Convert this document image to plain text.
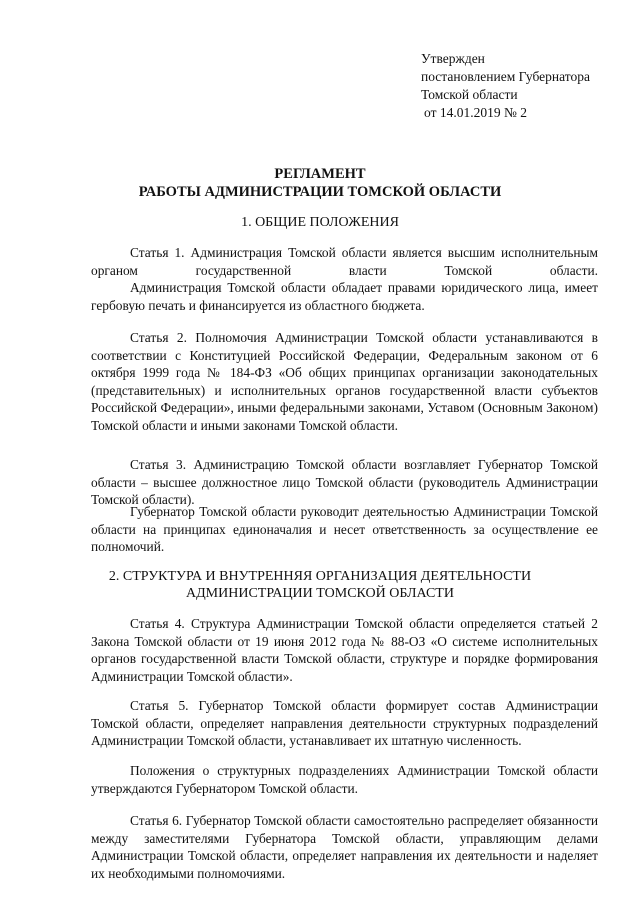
Утвержден
постановлением Губернатора
Томской области
от 14.01.2019 № 2
РЕГЛАМЕНТ
РАБОТЫ АДМИНИСТРАЦИИ ТОМСКОЙ ОБЛАСТИ
1. ОБЩИЕ ПОЛОЖЕНИЯ
Статья 1. Администрация Томской области является высшим исполнительным органом государственной власти Томской области.
Администрация Томской области обладает правами юридического лица, имеет гербовую печать и финансируется из областного бюджета.
Статья 2. Полномочия Администрации Томской области устанавливаются в соответствии с Конституцией Российской Федерации, Федеральным законом от 6 октября 1999 года № 184-ФЗ «Об общих принципах организации законодательных (представительных) и исполнительных органов государственной власти субъектов Российской Федерации», иными федеральными законами, Уставом (Основным Законом) Томской области и иными законами Томской области.
Статья 3. Администрацию Томской области возглавляет Губернатор Томской области – высшее должностное лицо Томской области (руководитель Администрации Томской области).
Губернатор Томской области руководит деятельностью Администрации Томской области на принципах единоначалия и несет ответственность за осуществление ее полномочий.
2. СТРУКТУРА И ВНУТРЕННЯЯ ОРГАНИЗАЦИЯ ДЕЯТЕЛЬНОСТИ
АДМИНИСТРАЦИИ ТОМСКОЙ ОБЛАСТИ
Статья 4. Структура Администрации Томской области определяется статьей 2 Закона Томской области от 19 июня 2012 года № 88-ОЗ «О системе исполнительных органов государственной власти Томской области, структуре и порядке формирования Администрации Томской области».
Статья 5. Губернатор Томской области формирует состав Администрации Томской области, определяет направления деятельности структурных подразделений Администрации Томской области, устанавливает их штатную численность.
Положения о структурных подразделениях Администрации Томской области утверждаются Губернатором Томской области.
Статья 6. Губернатор Томской области самостоятельно распределяет обязанности между заместителями Губернатора Томской области, управляющим делами Администрации Томской области, определяет направления их деятельности и наделяет их необходимыми полномочиями.
